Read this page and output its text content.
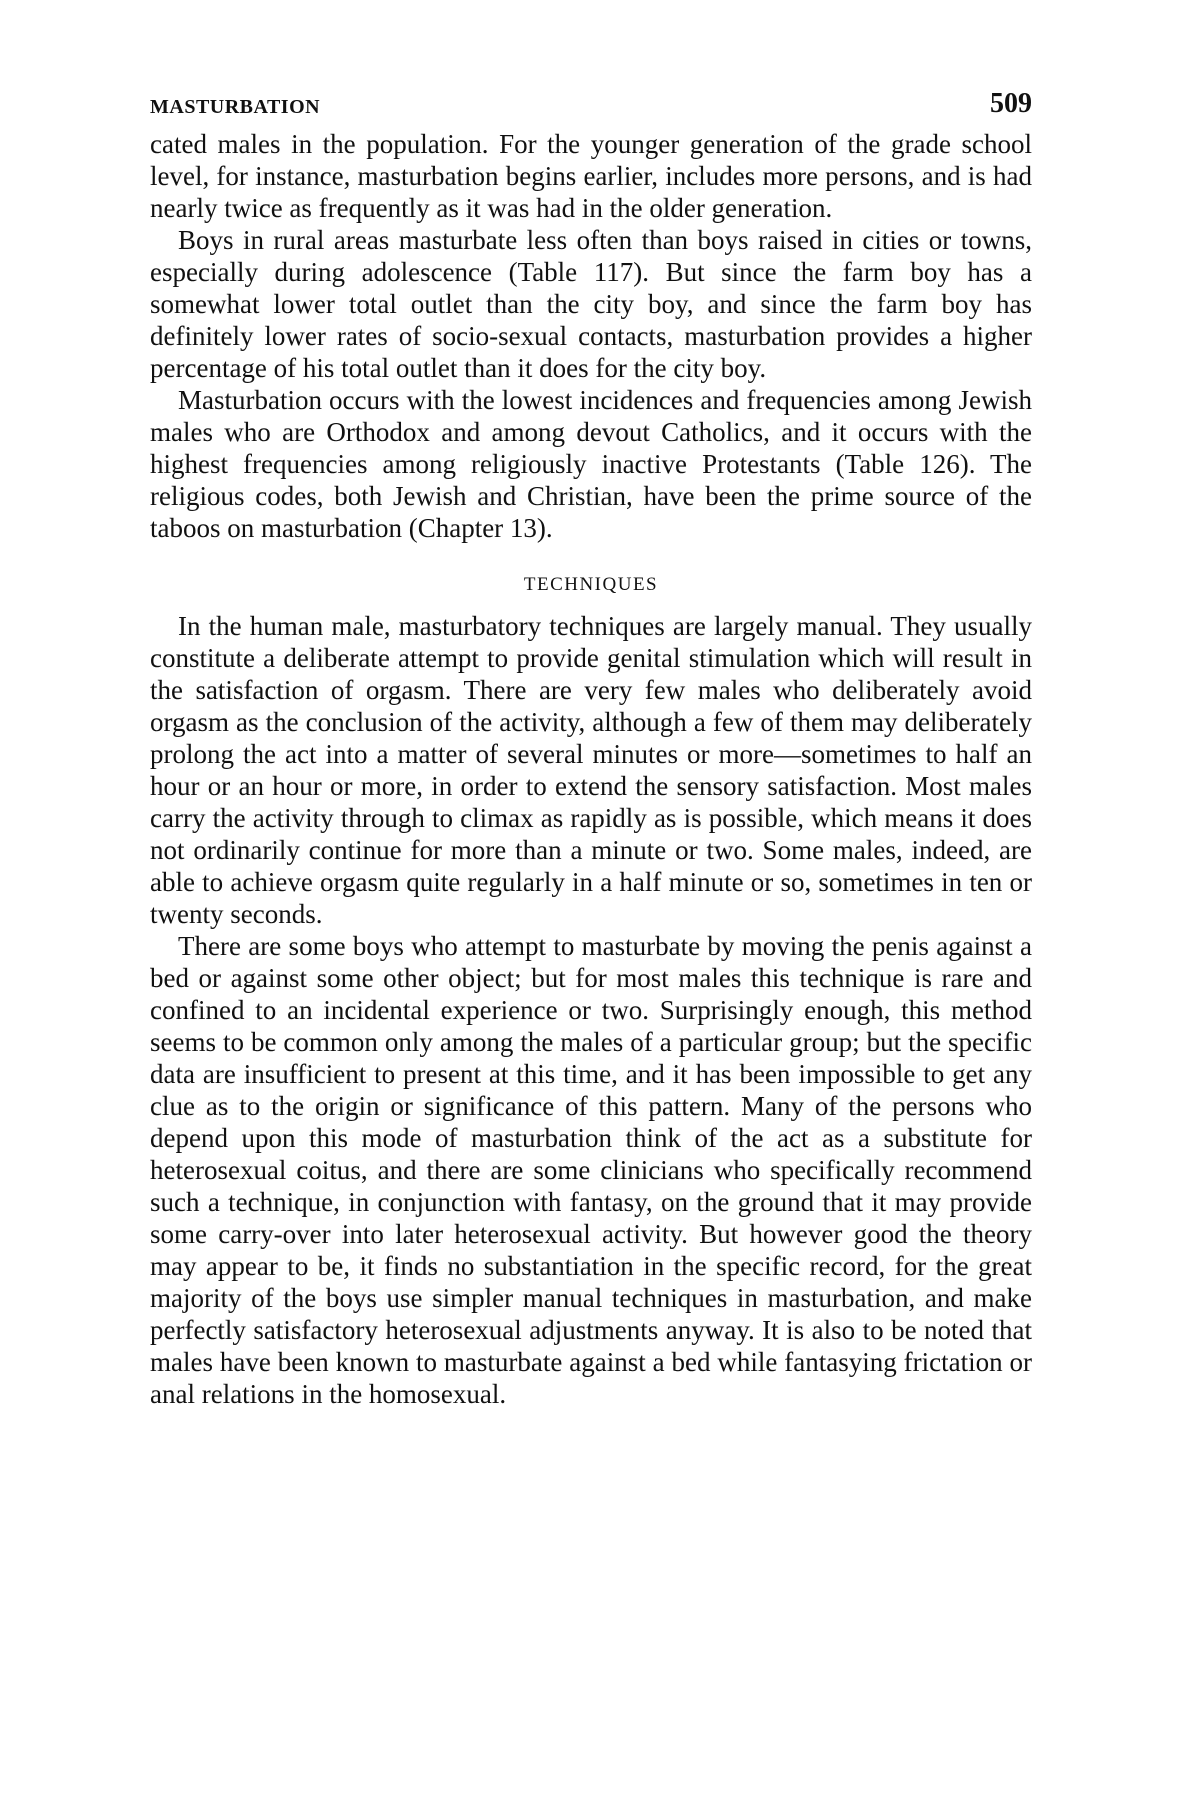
MASTURBATION	509

cated males in the population. For the younger generation of the grade school level, for instance, masturbation begins earlier, includes more persons, and is had nearly twice as frequently as it was had in the older generation.

Boys in rural areas masturbate less often than boys raised in cities or towns, especially during adolescence (Table 117). But since the farm boy has a somewhat lower total outlet than the city boy, and since the farm boy has definitely lower rates of socio-sexual contacts, masturbation provides a higher percentage of his total outlet than it does for the city boy.

Masturbation occurs with the lowest incidences and frequencies among Jewish males who are Orthodox and among devout Catholics, and it occurs with the highest frequencies among religiously inactive Protestants (Table 126). The religious codes, both Jewish and Christian, have been the prime source of the taboos on masturbation (Chapter 13).

TECHNIQUES

In the human male, masturbatory techniques are largely manual. They usually constitute a deliberate attempt to provide genital stimulation which will result in the satisfaction of orgasm. There are very few males who deliberately avoid orgasm as the conclusion of the activity, although a few of them may deliberately prolong the act into a matter of several minutes or more—sometimes to half an hour or an hour or more, in order to extend the sensory satisfaction. Most males carry the activity through to climax as rapidly as is possible, which means it does not ordinarily continue for more than a minute or two. Some males, indeed, are able to achieve orgasm quite regularly in a half minute or so, sometimes in ten or twenty seconds.

There are some boys who attempt to masturbate by moving the penis against a bed or against some other object; but for most males this technique is rare and confined to an incidental experience or two. Surprisingly enough, this method seems to be common only among the males of a particular group; but the specific data are insufficient to present at this time, and it has been impossible to get any clue as to the origin or significance of this pattern. Many of the persons who depend upon this mode of masturbation think of the act as a substitute for heterosexual coitus, and there are some clinicians who specifically recommend such a technique, in conjunction with fantasy, on the ground that it may provide some carry-over into later heterosexual activity. But however good the theory may appear to be, it finds no substantiation in the specific record, for the great majority of the boys use simpler manual techniques in masturbation, and make perfectly satisfactory heterosexual adjustments anyway. It is also to be noted that males have been known to masturbate against a bed while fantasying frictation or anal relations in the homosexual.
